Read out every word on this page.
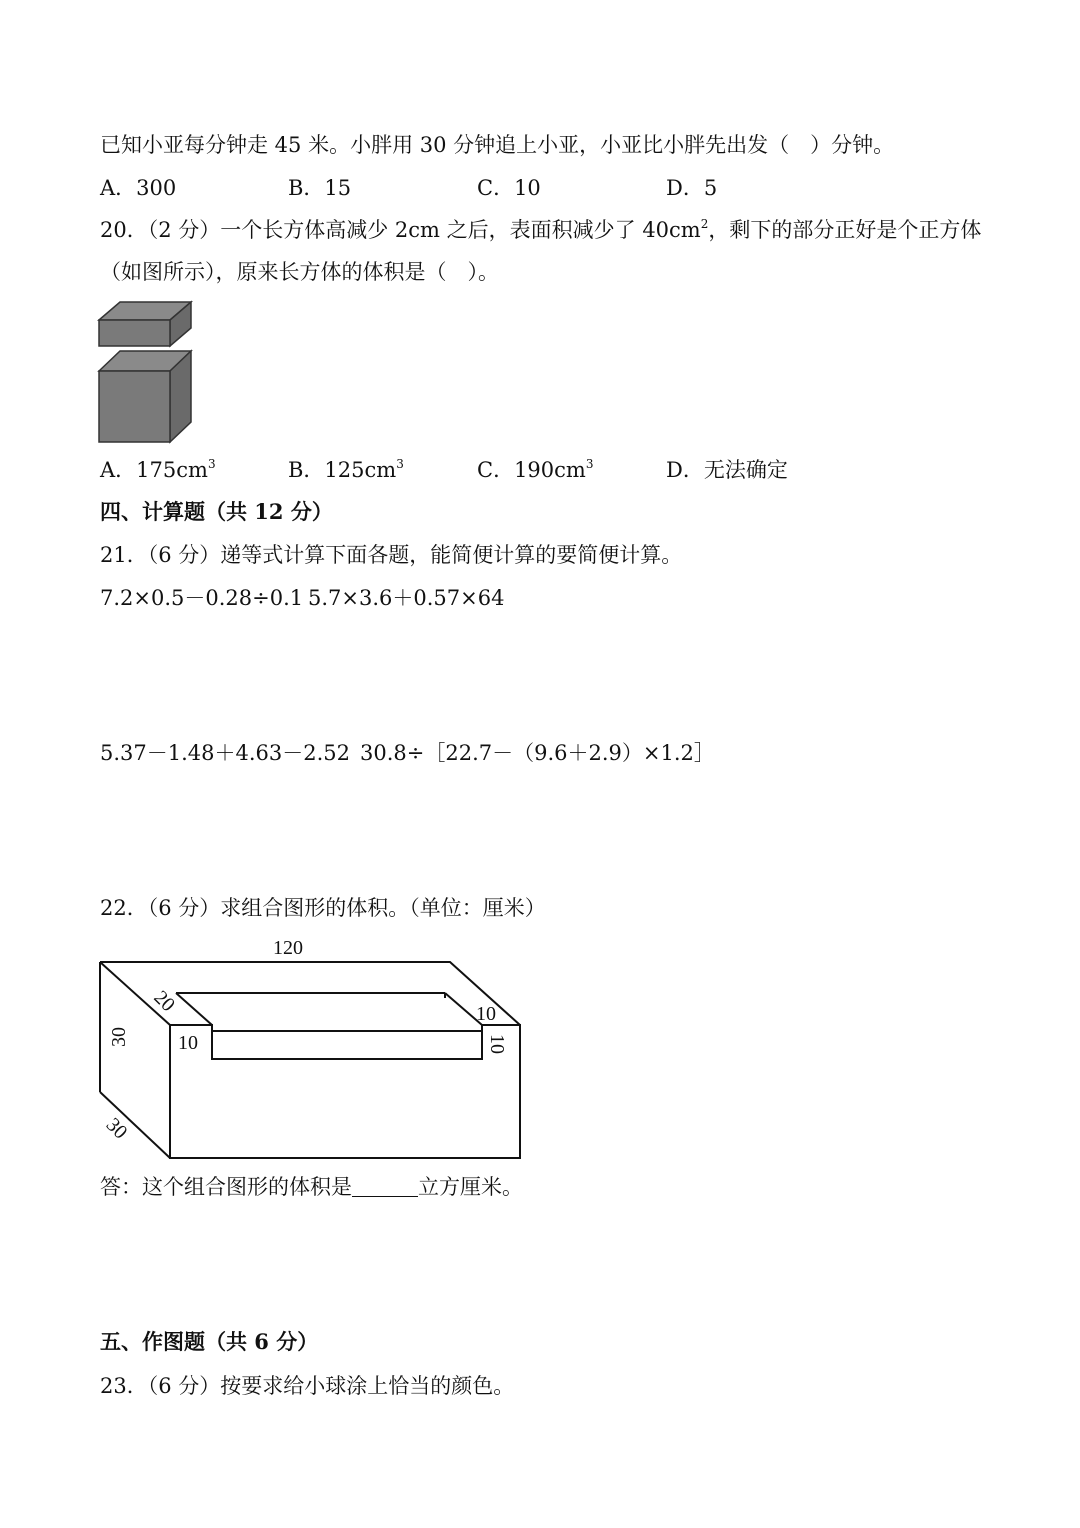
已知小亚每分钟走 45 米。小胖用 30 分钟追上小亚，小亚比小胖先出发（　）分钟。
A．300	B．15	C．10	D．5
20．（2 分）一个长方体高减少 2cm 之后，表面积减少了 $40cm^2$，剩下的部分正好是个正方体
（如图所示），原来长方体的体积是（　）。
A．$175cm^3$	B．$125cm^3$	C．$190cm^3$	D．无法确定
四、计算题（共 12 分）
21．（6 分）递等式计算下面各题，能简便计算的要简便计算。
7.2×0.5－0.28÷0.1 5.7×3.6＋0.57×64
5.37－1.48＋4.63－2.52 30.8÷［22.7－（9.6＋2.9）×1.2］
22．（6 分）求组合图形的体积。（单位：厘米）
120
20
10
10
10
30
30
答：这个组合图形的体积是	立方厘米。
五、作图题（共 6 分）
23．（6 分）按要求给小球涂上恰当的颜色。
